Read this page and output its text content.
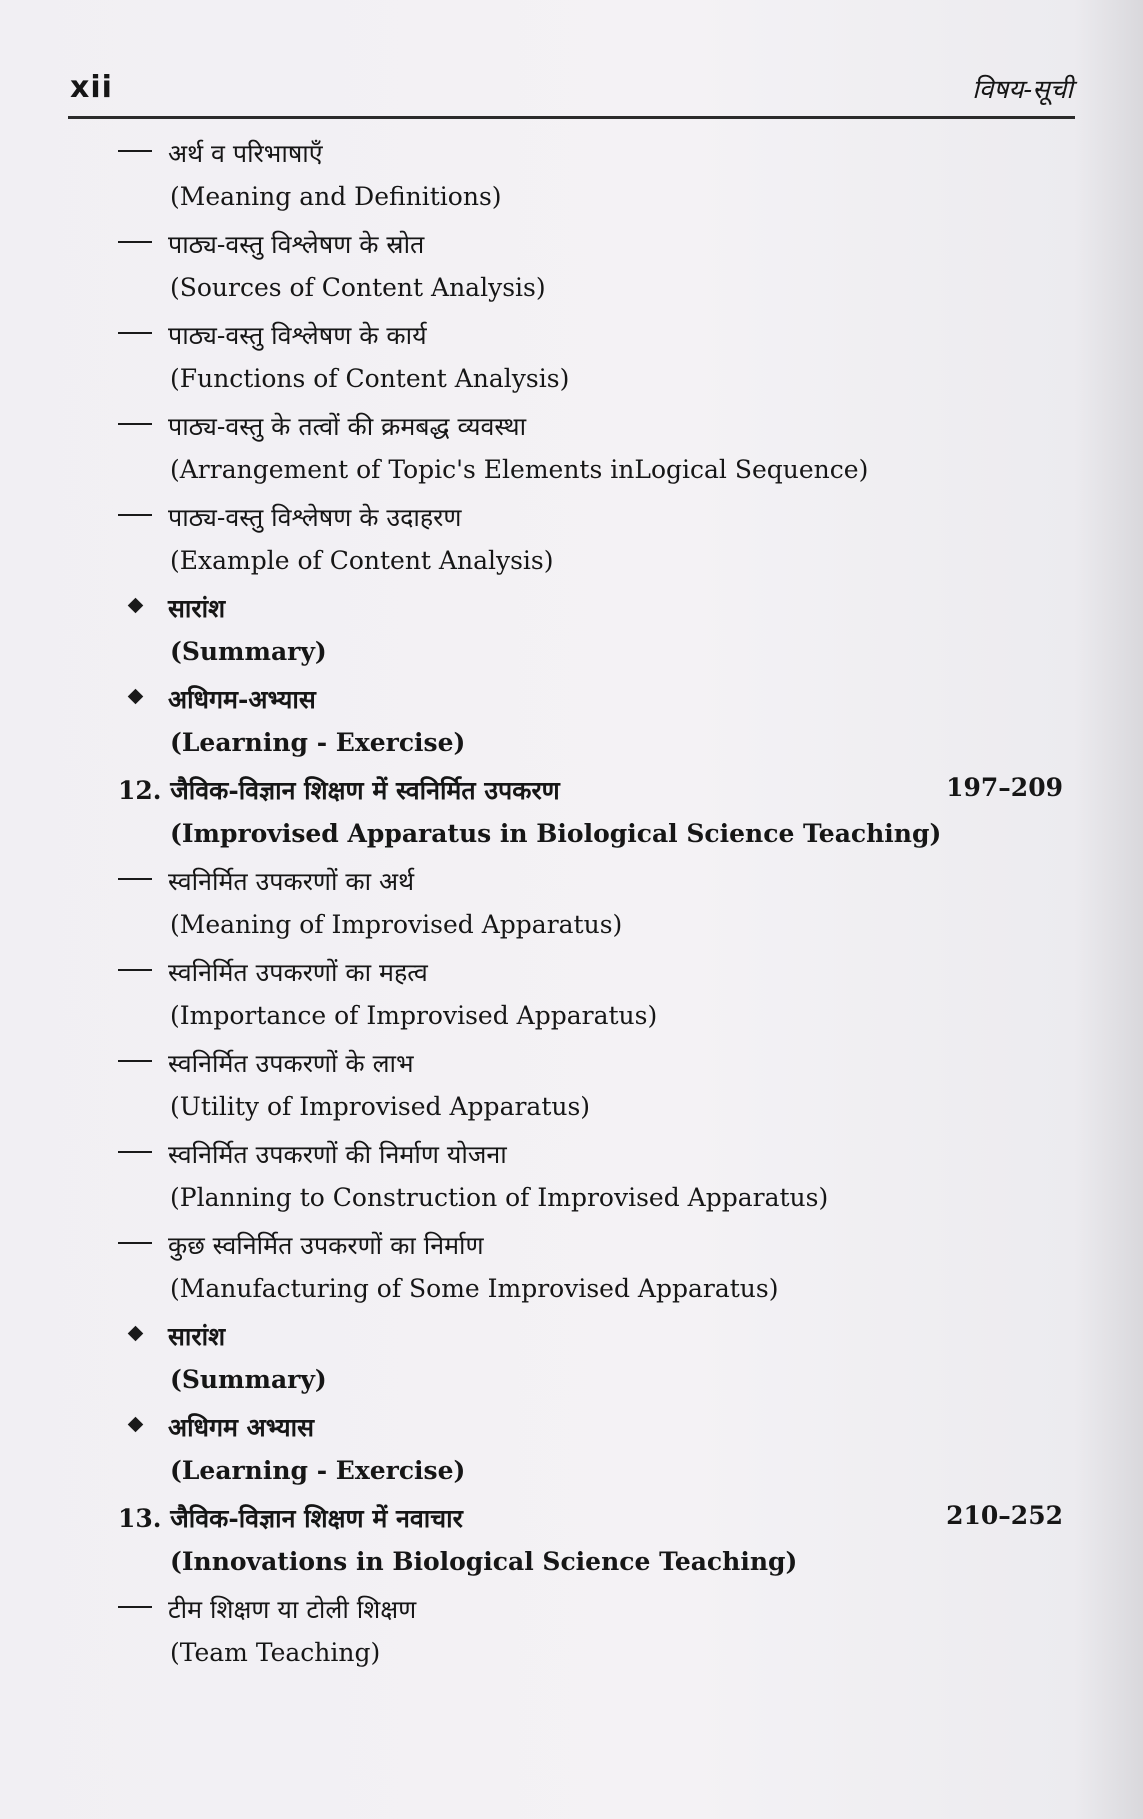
xii	विषय-सूची
अर्थ व परिभाषाएँ
(Meaning and Definitions)
पाठ्य-वस्तु विश्लेषण के स्रोत
(Sources of Content Analysis)
पाठ्य-वस्तु विश्लेषण के कार्य
(Functions of Content Analysis)
पाठ्य-वस्तु के तत्वों की क्रमबद्ध व्यवस्था
(Arrangement of Topic's Elements inLogical Sequence)
पाठ्य-वस्तु विश्लेषण के उदाहरण
(Example of Content Analysis)
सारांश
(Summary)
अधिगम-अभ्यास
(Learning - Exercise)
12. जैविक-विज्ञान शिक्षण में स्वनिर्मित उपकरण	197–209
(Improvised Apparatus in Biological Science Teaching)
स्वनिर्मित उपकरणों का अर्थ
(Meaning of Improvised Apparatus)
स्वनिर्मित उपकरणों का महत्व
(Importance of Improvised Apparatus)
स्वनिर्मित उपकरणों के लाभ
(Utility of Improvised Apparatus)
स्वनिर्मित उपकरणों की निर्माण योजना
(Planning to Construction of Improvised Apparatus)
कुछ स्वनिर्मित उपकरणों का निर्माण
(Manufacturing of Some Improvised Apparatus)
सारांश
(Summary)
अधिगम अभ्यास
(Learning - Exercise)
13. जैविक-विज्ञान शिक्षण में नवाचार	210–252
(Innovations in Biological Science Teaching)
टीम शिक्षण या टोली शिक्षण
(Team Teaching)
